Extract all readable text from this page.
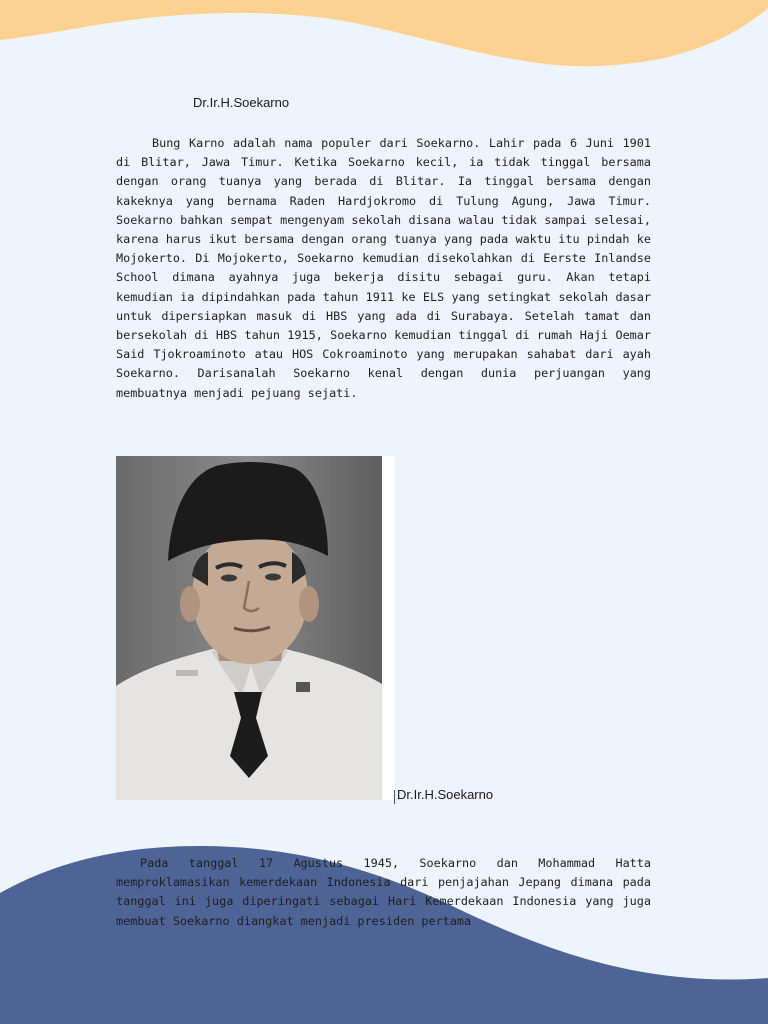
Dr.Ir.H.Soekarno

Bung Karno adalah nama populer dari Soekarno. Lahir pada 6 Juni 1901 di Blitar, Jawa Timur. Ketika Soekarno kecil, ia tidak tinggal bersama dengan orang tuanya yang berada di Blitar. Ia tinggal bersama dengan kakeknya yang bernama Raden Hardjokromo di Tulung Agung, Jawa Timur. Soekarno bahkan sempat mengenyam sekolah disana walau tidak sampai selesai, karena harus ikut bersama dengan orang tuanya yang pada waktu itu pindah ke Mojokerto. Di Mojokerto, Soekarno kemudian disekolahkan di Eerste Inlandse School dimana ayahnya juga bekerja disitu sebagai guru. Akan tetapi kemudian ia dipindahkan pada tahun 1911 ke ELS yang setingkat sekolah dasar untuk dipersiapkan masuk di HBS yang ada di Surabaya. Setelah tamat dan bersekolah di HBS tahun 1915, Soekarno kemudian tinggal di rumah Haji Oemar Said Tjokroaminoto atau HOS Cokroaminoto yang merupakan sahabat dari ayah Soekarno. Darisanalah Soekarno kenal dengan dunia perjuangan yang membuatnya menjadi pejuang sejati.

Dr.Ir.H.Soekarno

Pada tanggal 17 Agustus 1945, Soekarno dan Mohammad Hatta memproklamasikan kemerdekaan Indonesia dari penjajahan Jepang dimana pada tanggal ini juga diperingati sebagai Hari Kemerdekaan Indonesia yang juga membuat Soekarno diangkat menjadi presiden pertama
